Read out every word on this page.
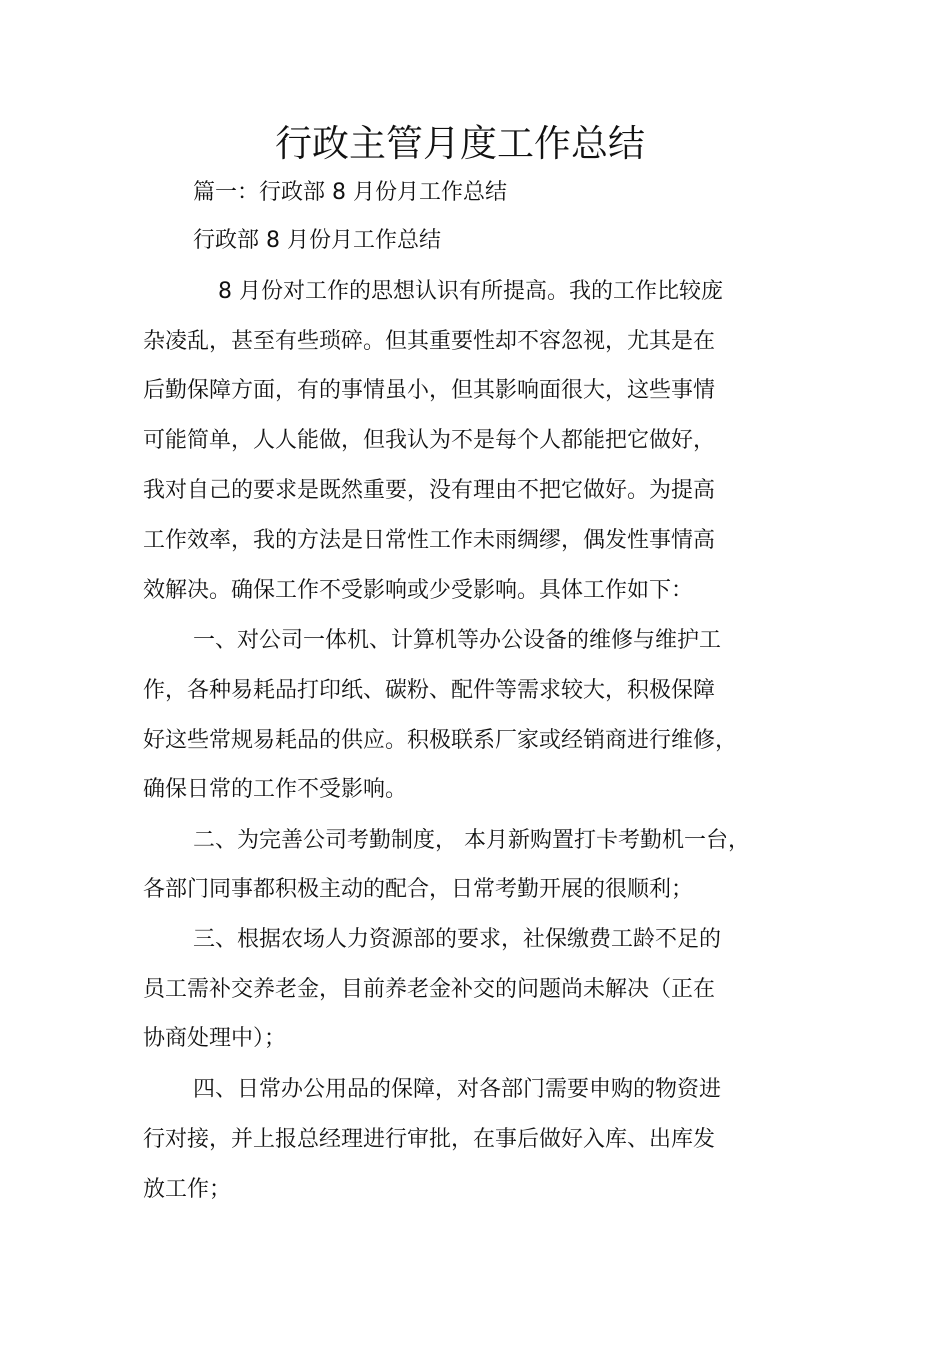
行政主管月度工作总结
篇一：行政部 8 月份月工作总结
行政部 8 月份月工作总结
8 月份对工作的思想认识有所提高。我的工作比较庞
杂凌乱，甚至有些琐碎。但其重要性却不容忽视，尤其是在
后勤保障方面，有的事情虽小，但其影响面很大，这些事情
可能简单，人人能做，但我认为不是每个人都能把它做好，
我对自己的要求是既然重要，没有理由不把它做好。为提高
工作效率，我的方法是日常性工作未雨绸缪，偶发性事情高
效解决。确保工作不受影响或少受影响。具体工作如下：
一、对公司一体机、计算机等办公设备的维修与维护工
作，各种易耗品打印纸、碳粉、配件等需求较大，积极保障
好这些常规易耗品的供应。积极联系厂家或经销商进行维修，
确保日常的工作不受影响。
二、为完善公司考勤制度， 本月新购置打卡考勤机一台，
各部门同事都积极主动的配合，日常考勤开展的很顺利；
三、根据农场人力资源部的要求，社保缴费工龄不足的
员工需补交养老金，目前养老金补交的问题尚未解决（正在
协商处理中）；
四、日常办公用品的保障，对各部门需要申购的物资进
行对接，并上报总经理进行审批，在事后做好入库、出库发
放工作；
